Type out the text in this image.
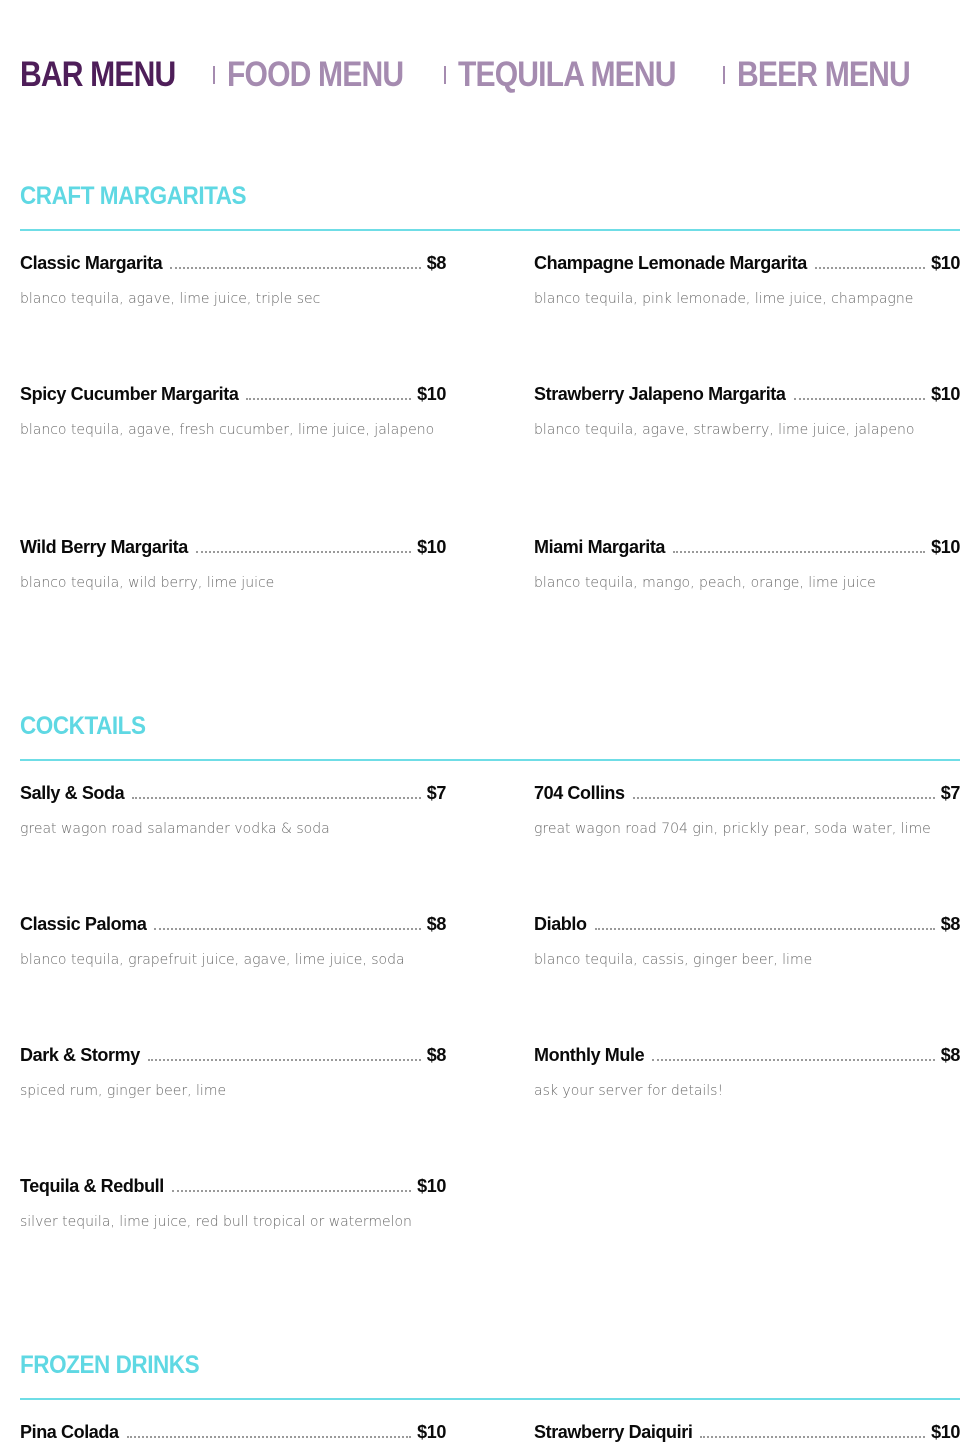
BAR MENU FOOD MENU TEQUILA MENU BEER MENU
CRAFT MARGARITAS
Classic Margarita	$8
blanco tequila, agave, lime juice, triple sec
Champagne Lemonade Margarita	$10
blanco tequila, pink lemonade, lime juice, champagne
Spicy Cucumber Margarita	$10
blanco tequila, agave, fresh cucumber, lime juice, jalapeno
Strawberry Jalapeno Margarita	$10
blanco tequila, agave, strawberry, lime juice, jalapeno
Wild Berry Margarita	$10
blanco tequila, wild berry, lime juice
Miami Margarita	$10
blanco tequila, mango, peach, orange, lime juice
COCKTAILS
Sally & Soda	$7
great wagon road salamander vodka & soda
704 Collins	$7
great wagon road 704 gin, prickly pear, soda water, lime
Classic Paloma	$8
blanco tequila, grapefruit juice, agave, lime juice, soda
Diablo	$8
blanco tequila, cassis, ginger beer, lime
Dark & Stormy	$8
spiced rum, ginger beer, lime
Monthly Mule	$8
ask your server for details!
Tequila & Redbull	$10
silver tequila, lime juice, red bull tropical or watermelon
FROZEN DRINKS
Pina Colada	$10	Strawberry Daiquiri	$10
